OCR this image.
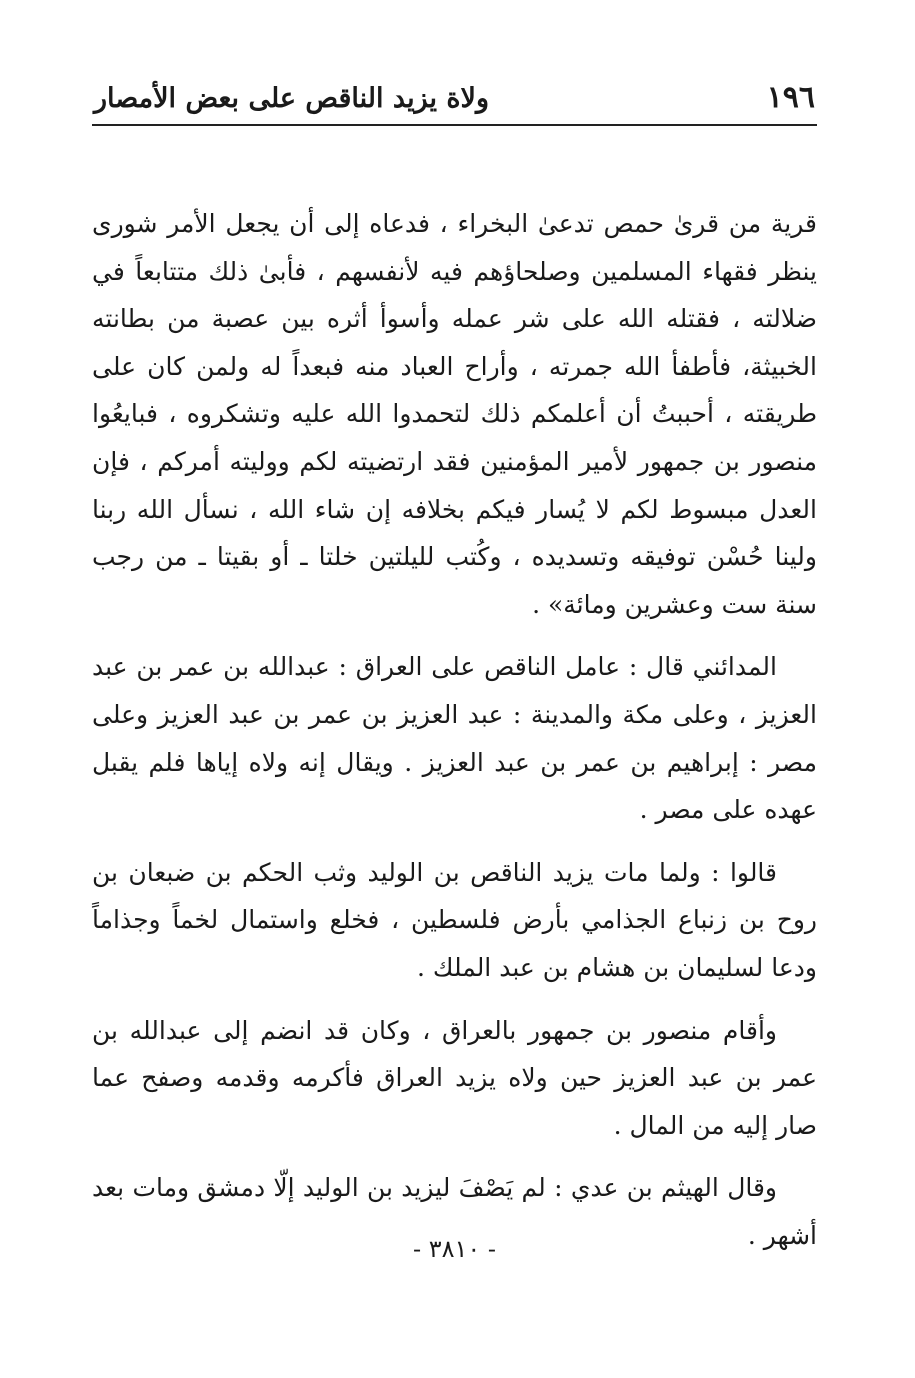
١٩٦
ولاة يزيد الناقص على بعض الأمصار

قرية من قرىٰ حمص تدعىٰ البخراء ، فدعاه إلى أن يجعل الأمر شورى ينظر فقهاء المسلمين وصلحاؤهم فيه لأنفسهم ، فأبىٰ ذلك متتابعاً في ضلالته ، فقتله الله على شر عمله وأسوأ أثره بين عصبة من بطانته الخبيثة، فأطفأ الله جمرته ، وأراح العباد منه فبعداً له ولمن كان على طريقته ، أحببتُ أن أعلمكم ذلك لتحمدوا الله عليه وتشكروه ، فبايعُوا منصور بن جمهور لأمير المؤمنين فقد ارتضيته لكم ووليته أمركم ، فإن العدل مبسوط لكم لا يُسار فيكم بخلافه إن شاء الله ، نسأل الله ربنا ولينا حُسْن توفيقه وتسديده ، وكُتب لليلتين خلتا ـ أو بقيتا ـ من رجب سنة ست وعشرين ومائة» .

المدائني قال : عامل الناقص على العراق : عبدالله بن عمر بن عبد العزيز ، وعلى مكة والمدينة : عبد العزيز بن عمر بن عبد العزيز وعلى مصر : إبراهيم بن عمر بن عبد العزيز . ويقال إنه ولاه إياها فلم يقبل عهده على مصر .

قالوا : ولما مات يزيد الناقص بن الوليد وثب الحكم بن ضبعان بن روح بن زنباع الجذامي بأرض فلسطين ، فخلع واستمال لخماً وجذاماً ودعا لسليمان بن هشام بن عبد الملك .

وأقام منصور بن جمهور بالعراق ، وكان قد انضم إلى عبدالله بن عمر بن عبد العزيز حين ولاه يزيد العراق فأكرمه وقدمه وصفح عما صار إليه من المال .

وقال الهيثم بن عدي : لم يَصْفَ ليزيد بن الوليد إلّا دمشق ومات بعد أشهر .

- ٣٨١٠ -
